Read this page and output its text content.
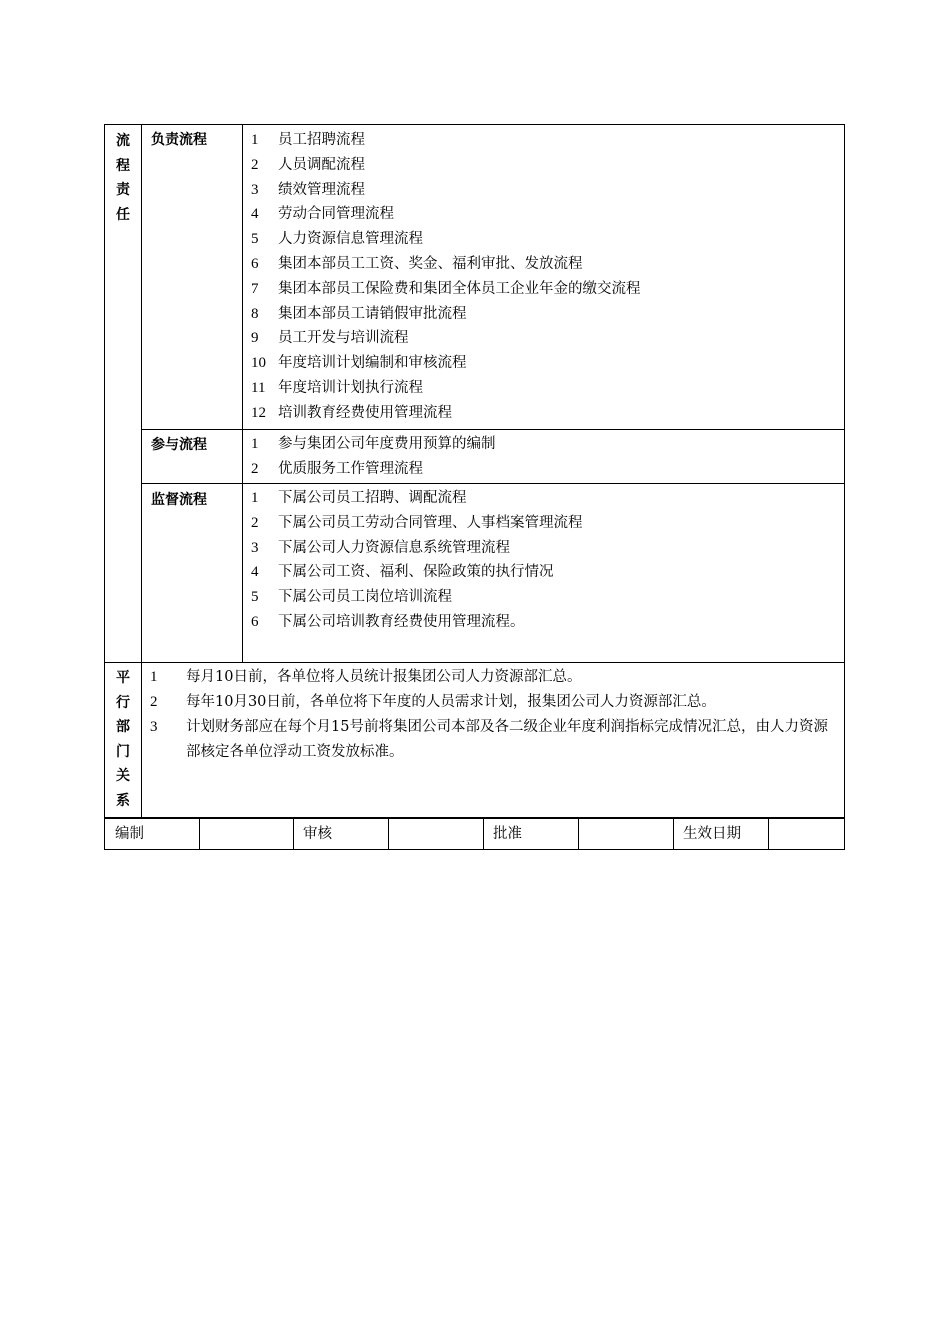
流
程
责
任
负责流程	1 员工招聘流程
2 人员调配流程
3 绩效管理流程
4 劳动合同管理流程
5 人力资源信息管理流程
6 集团本部员工工资、奖金、福利审批、发放流程
7 集团本部员工保险费和集团全体员工企业年金的缴交流程
8 集团本部员工请销假审批流程
9 员工开发与培训流程
10 年度培训计划编制和审核流程
11 年度培训计划执行流程
12 培训教育经费使用管理流程
参与流程	1 参与集团公司年度费用预算的编制
2 优质服务工作管理流程
监督流程	1 下属公司员工招聘、调配流程
2 下属公司员工劳动合同管理、人事档案管理流程
3 下属公司人力资源信息系统管理流程
4 下属公司工资、福利、保险政策的执行情况
5 下属公司员工岗位培训流程
6 下属公司培训教育经费使用管理流程。
平
行
部
门
关
系
1	每月10日前，各单位将人员统计报集团公司人力资源部汇总。
2	每年10月30日前，各单位将下年度的人员需求计划，报集团公司人力资源部汇总。
3	计划财务部应在每个月15号前将集团公司本部及各二级企业年度利润指标完成情况汇总，由人力资源部核定各单位浮动工资发放标准。
编制	审核	批准	生效日期
